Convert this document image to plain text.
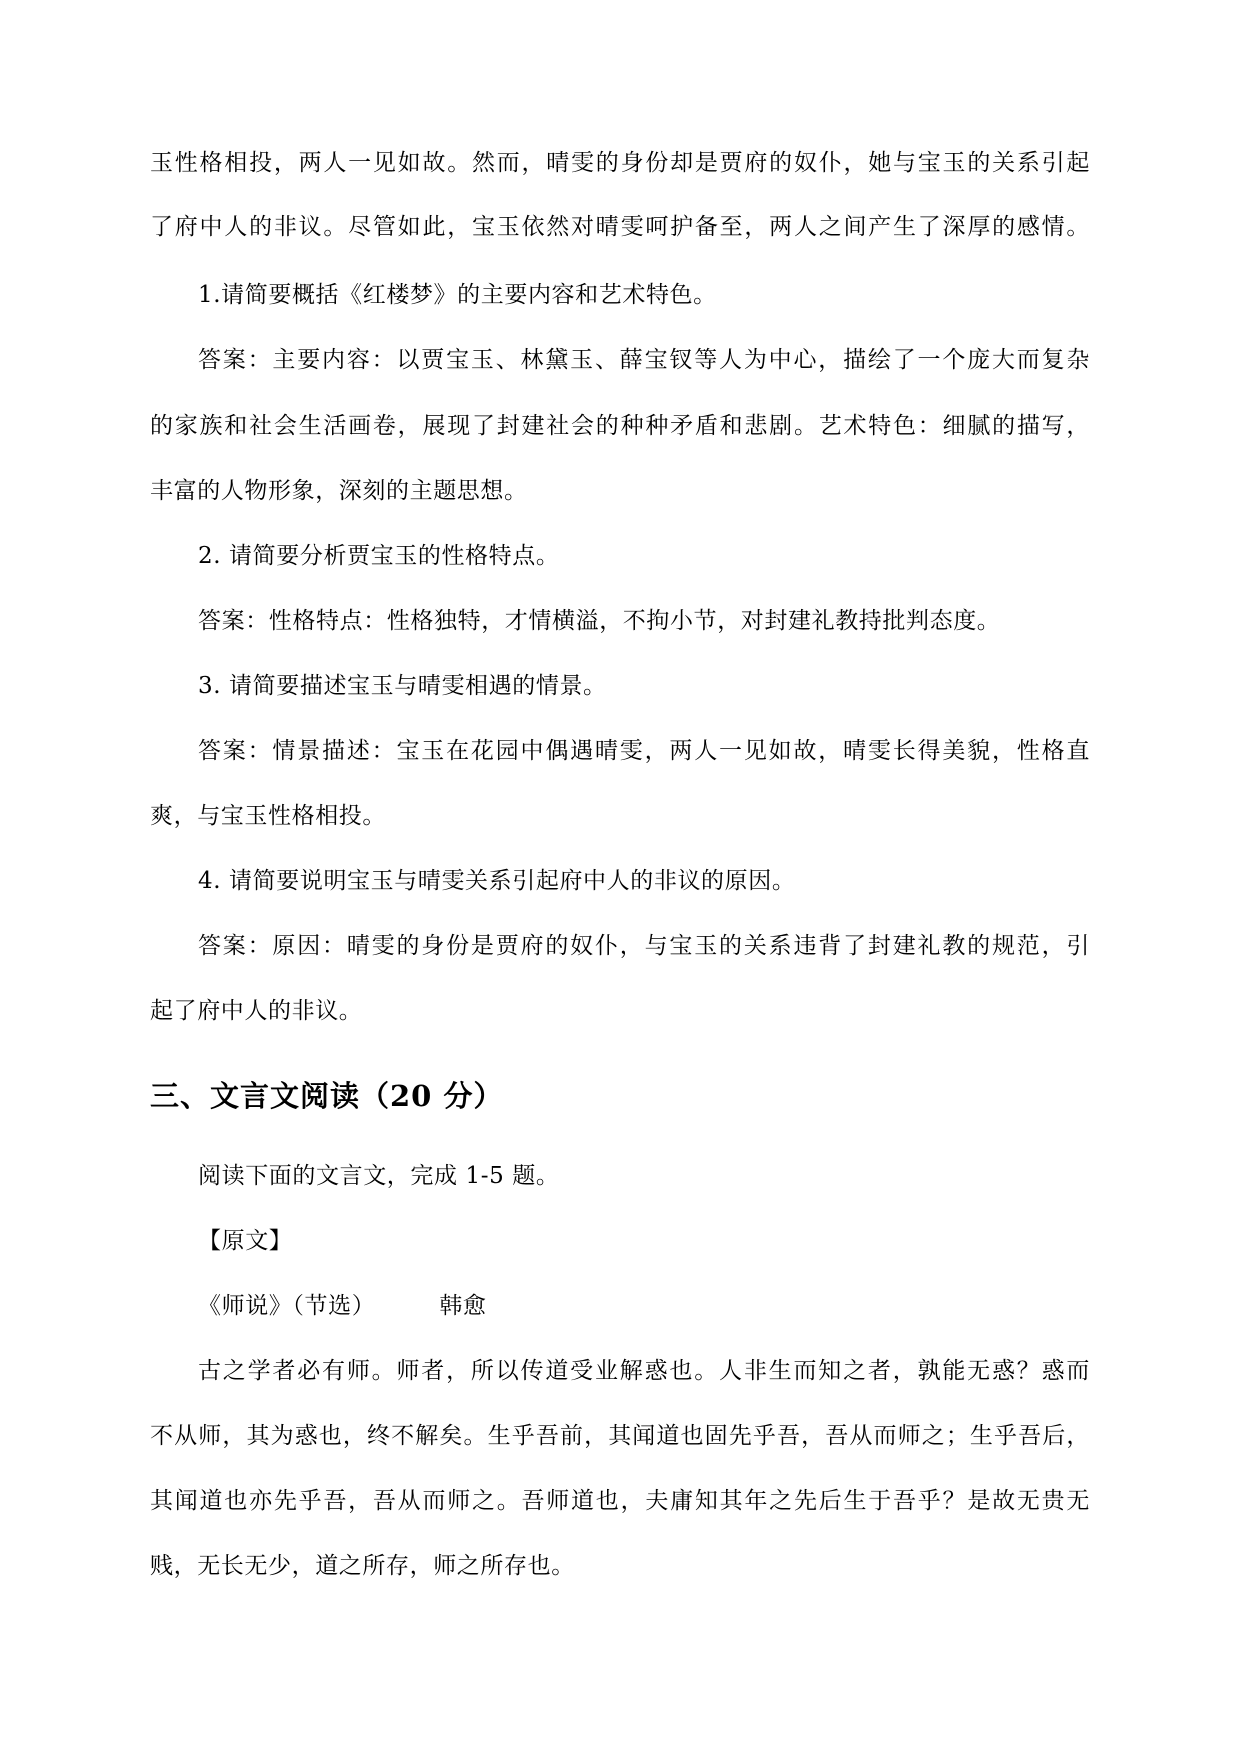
玉性格相投，两人一见如故。然而，晴雯的身份却是贾府的奴仆，她与宝玉的关系引起
了府中人的非议。尽管如此，宝玉依然对晴雯呵护备至，两人之间产生了深厚的感情。
1.请简要概括《红楼梦》的主要内容和艺术特色。
答案：主要内容：以贾宝玉、林黛玉、薛宝钗等人为中心，描绘了一个庞大而复杂
的家族和社会生活画卷，展现了封建社会的种种矛盾和悲剧。艺术特色：细腻的描写，
丰富的人物形象，深刻的主题思想。
2. 请简要分析贾宝玉的性格特点。
答案：性格特点：性格独特，才情横溢，不拘小节，对封建礼教持批判态度。
3. 请简要描述宝玉与晴雯相遇的情景。
答案：情景描述：宝玉在花园中偶遇晴雯，两人一见如故，晴雯长得美貌，性格直
爽，与宝玉性格相投。
4. 请简要说明宝玉与晴雯关系引起府中人的非议的原因。
答案：原因：晴雯的身份是贾府的奴仆，与宝玉的关系违背了封建礼教的规范，引
起了府中人的非议。
三、文言文阅读（20 分）
阅读下面的文言文，完成 1-5 题。
【原文】
《师说》（节选）	韩愈
古之学者必有师。师者，所以传道受业解惑也。人非生而知之者，孰能无惑？惑而
不从师，其为惑也，终不解矣。生乎吾前，其闻道也固先乎吾，吾从而师之；生乎吾后，
其闻道也亦先乎吾，吾从而师之。吾师道也，夫庸知其年之先后生于吾乎？是故无贵无
贱，无长无少，道之所存，师之所存也。
